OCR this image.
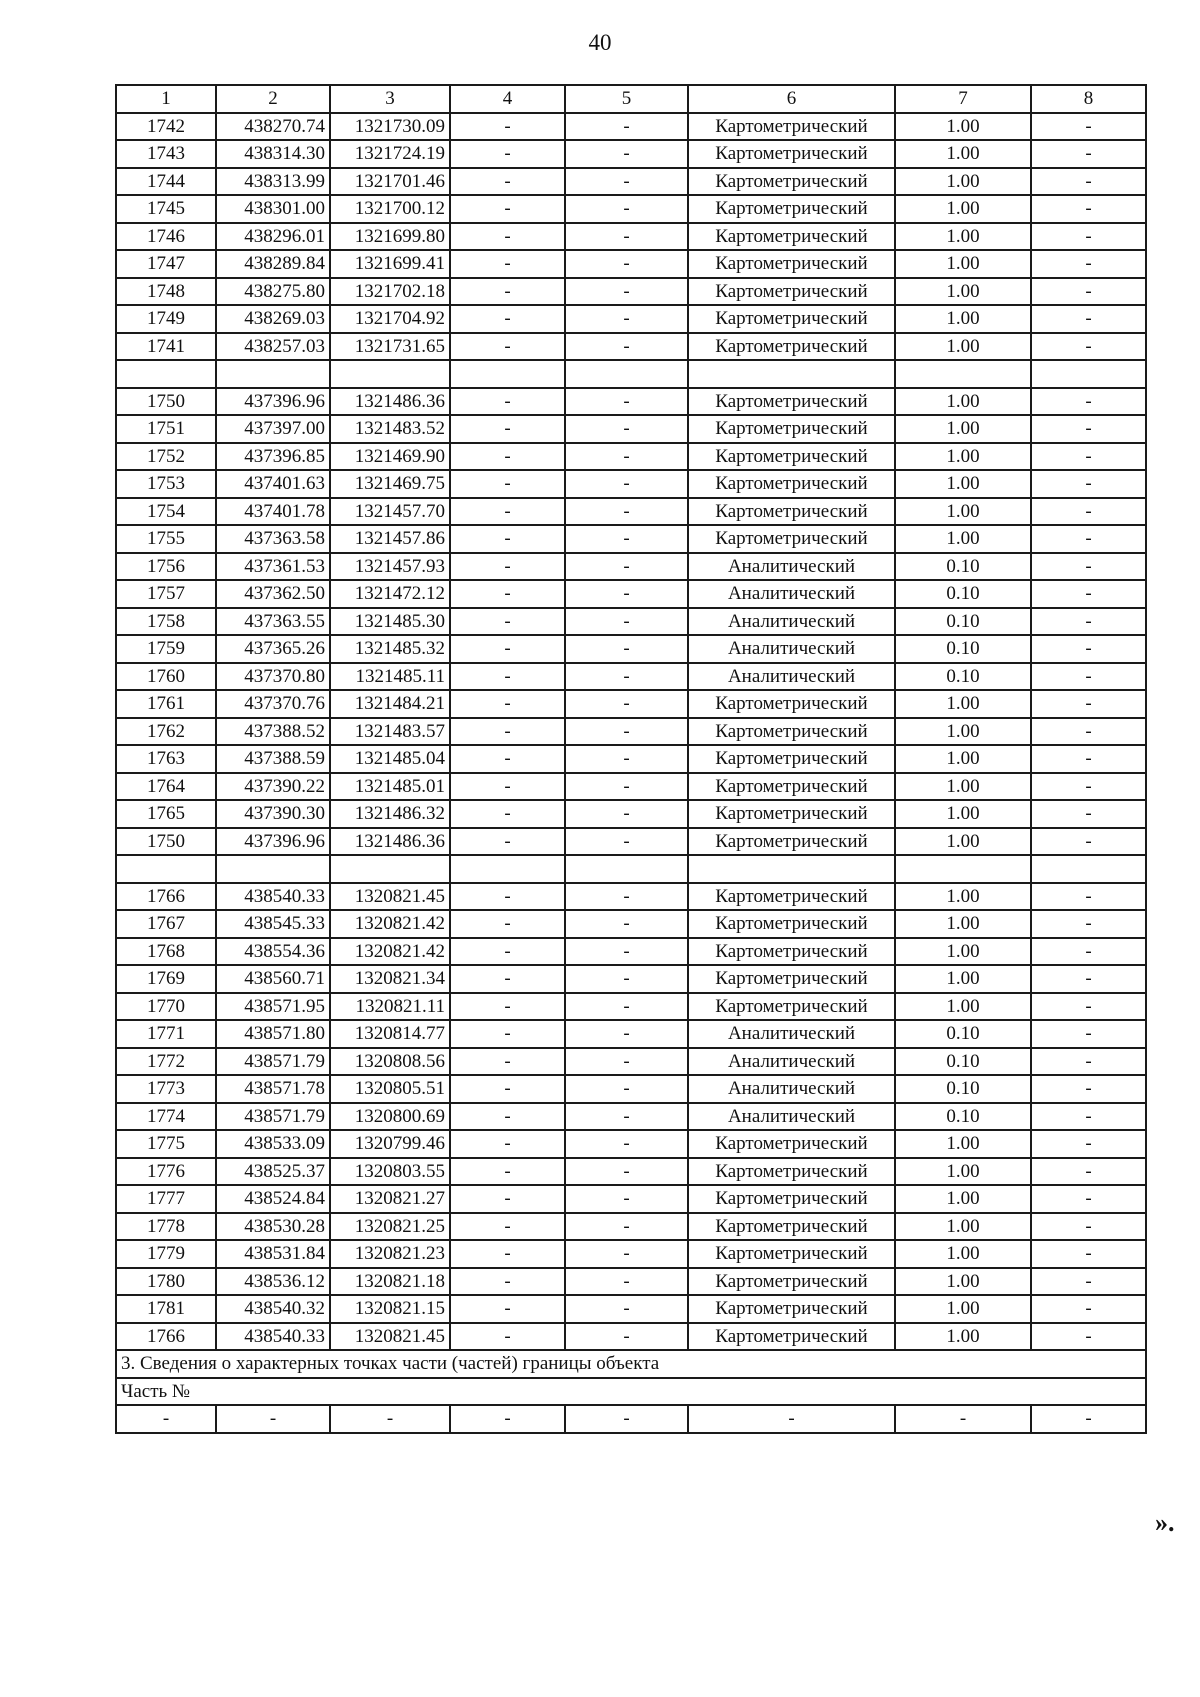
40
1	2	3	4	5	6	7	8
1742	438270.74	1321730.09	-	-	Картометрический	1.00	-
1743	438314.30	1321724.19	-	-	Картометрический	1.00	-
1744	438313.99	1321701.46	-	-	Картометрический	1.00	-
1745	438301.00	1321700.12	-	-	Картометрический	1.00	-
1746	438296.01	1321699.80	-	-	Картометрический	1.00	-
1747	438289.84	1321699.41	-	-	Картометрический	1.00	-
1748	438275.80	1321702.18	-	-	Картометрический	1.00	-
1749	438269.03	1321704.92	-	-	Картометрический	1.00	-
1741	438257.03	1321731.65	-	-	Картометрический	1.00	-

1750	437396.96	1321486.36	-	-	Картометрический	1.00	-
1751	437397.00	1321483.52	-	-	Картометрический	1.00	-
1752	437396.85	1321469.90	-	-	Картометрический	1.00	-
1753	437401.63	1321469.75	-	-	Картометрический	1.00	-
1754	437401.78	1321457.70	-	-	Картометрический	1.00	-
1755	437363.58	1321457.86	-	-	Картометрический	1.00	-
1756	437361.53	1321457.93	-	-	Аналитический	0.10	-
1757	437362.50	1321472.12	-	-	Аналитический	0.10	-
1758	437363.55	1321485.30	-	-	Аналитический	0.10	-
1759	437365.26	1321485.32	-	-	Аналитический	0.10	-
1760	437370.80	1321485.11	-	-	Аналитический	0.10	-
1761	437370.76	1321484.21	-	-	Картометрический	1.00	-
1762	437388.52	1321483.57	-	-	Картометрический	1.00	-
1763	437388.59	1321485.04	-	-	Картометрический	1.00	-
1764	437390.22	1321485.01	-	-	Картометрический	1.00	-
1765	437390.30	1321486.32	-	-	Картометрический	1.00	-
1750	437396.96	1321486.36	-	-	Картометрический	1.00	-

1766	438540.33	1320821.45	-	-	Картометрический	1.00	-
1767	438545.33	1320821.42	-	-	Картометрический	1.00	-
1768	438554.36	1320821.42	-	-	Картометрический	1.00	-
1769	438560.71	1320821.34	-	-	Картометрический	1.00	-
1770	438571.95	1320821.11	-	-	Картометрический	1.00	-
1771	438571.80	1320814.77	-	-	Аналитический	0.10	-
1772	438571.79	1320808.56	-	-	Аналитический	0.10	-
1773	438571.78	1320805.51	-	-	Аналитический	0.10	-
1774	438571.79	1320800.69	-	-	Аналитический	0.10	-
1775	438533.09	1320799.46	-	-	Картометрический	1.00	-
1776	438525.37	1320803.55	-	-	Картометрический	1.00	-
1777	438524.84	1320821.27	-	-	Картометрический	1.00	-
1778	438530.28	1320821.25	-	-	Картометрический	1.00	-
1779	438531.84	1320821.23	-	-	Картометрический	1.00	-
1780	438536.12	1320821.18	-	-	Картометрический	1.00	-
1781	438540.32	1320821.15	-	-	Картометрический	1.00	-
1766	438540.33	1320821.45	-	-	Картометрический	1.00	-
3. Сведения о характерных точках части (частей) границы объекта							
Часть №							
-	-	-	-	-	-	-	-
».
